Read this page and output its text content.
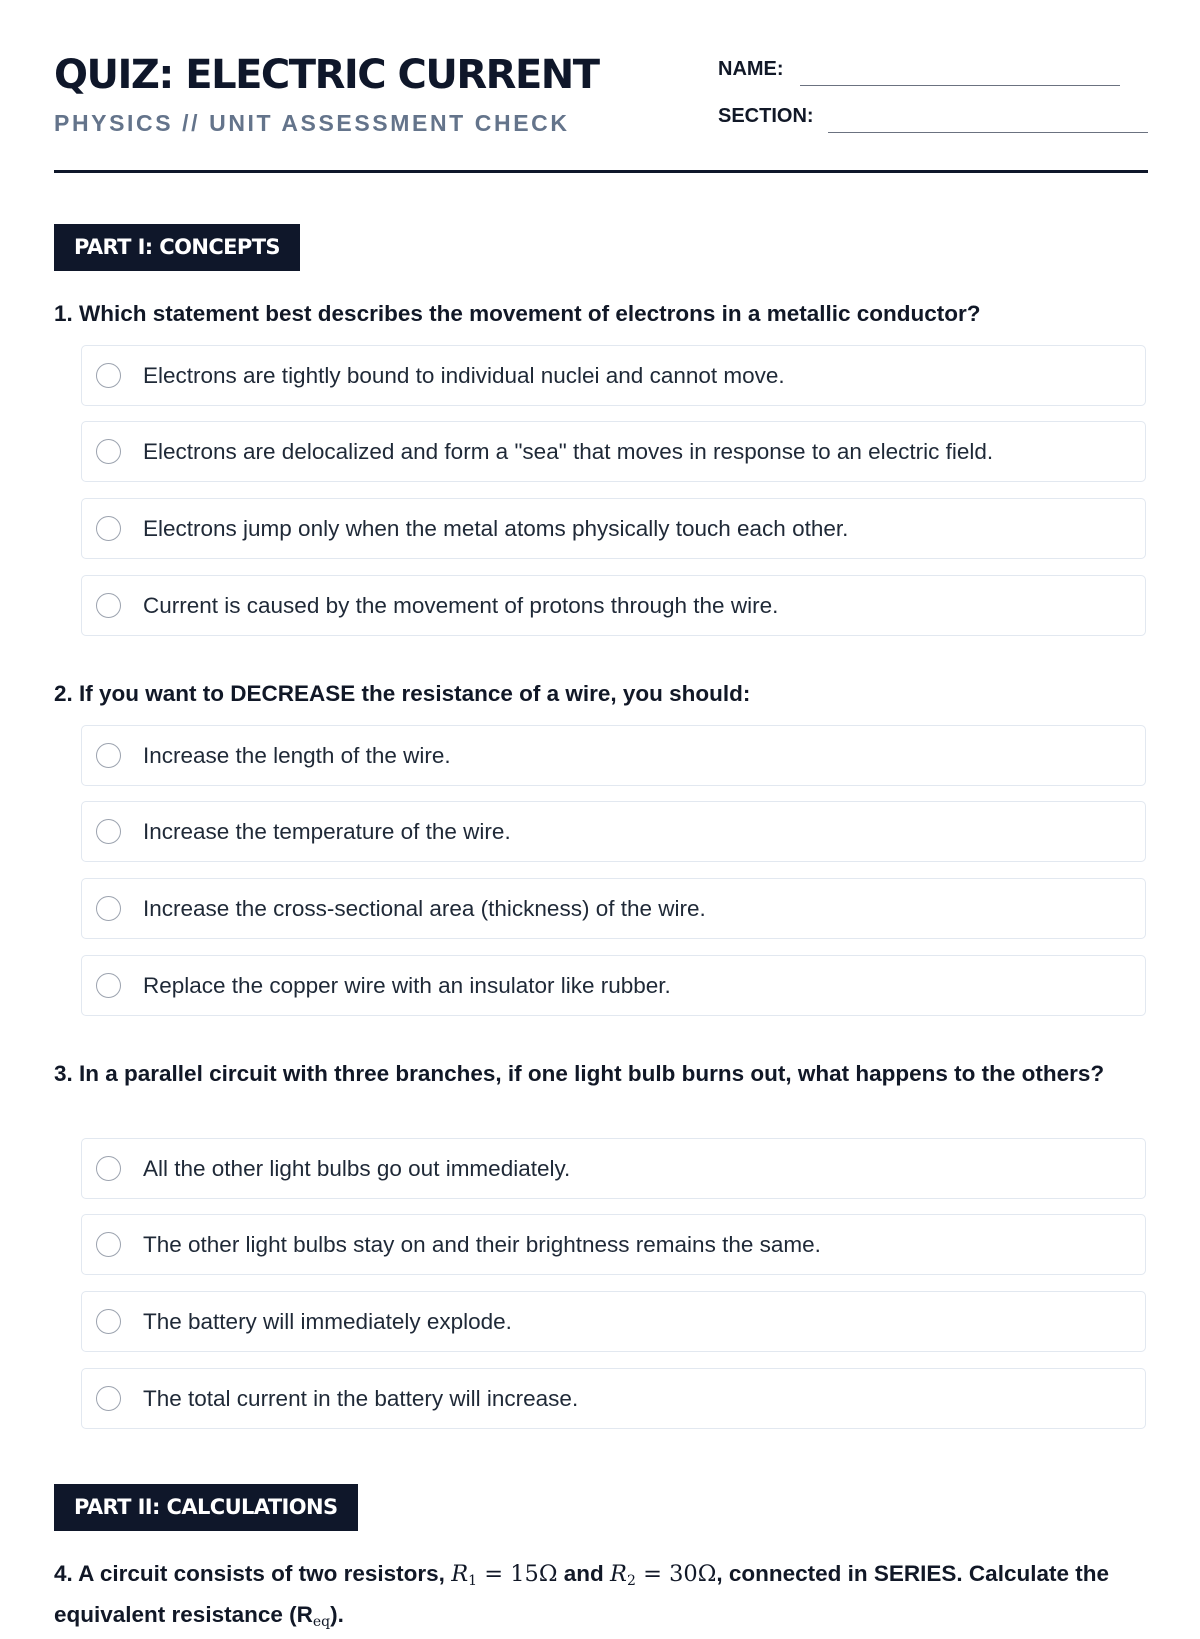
QUIZ: ELECTRIC CURRENT
PHYSICS // UNIT ASSESSMENT CHECK
NAME:
SECTION:
PART I: CONCEPTS
1. Which statement best describes the movement of electrons in a metallic conductor?
Electrons are tightly bound to individual nuclei and cannot move.
Electrons are delocalized and form a "sea" that moves in response to an electric field.
Electrons jump only when the metal atoms physically touch each other.
Current is caused by the movement of protons through the wire.
2. If you want to DECREASE the resistance of a wire, you should:
Increase the length of the wire.
Increase the temperature of the wire.
Increase the cross-sectional area (thickness) of the wire.
Replace the copper wire with an insulator like rubber.
3. In a parallel circuit with three branches, if one light bulb burns out, what happens to the others?
All the other light bulbs go out immediately.
The other light bulbs stay on and their brightness remains the same.
The battery will immediately explode.
The total current in the battery will increase.
PART II: CALCULATIONS
4. A circuit consists of two resistors, $R_1 = 15\Omega$ and $R_2 = 30\Omega$, connected in SERIES. Calculate the equivalent resistance $(R_{eq})$.
